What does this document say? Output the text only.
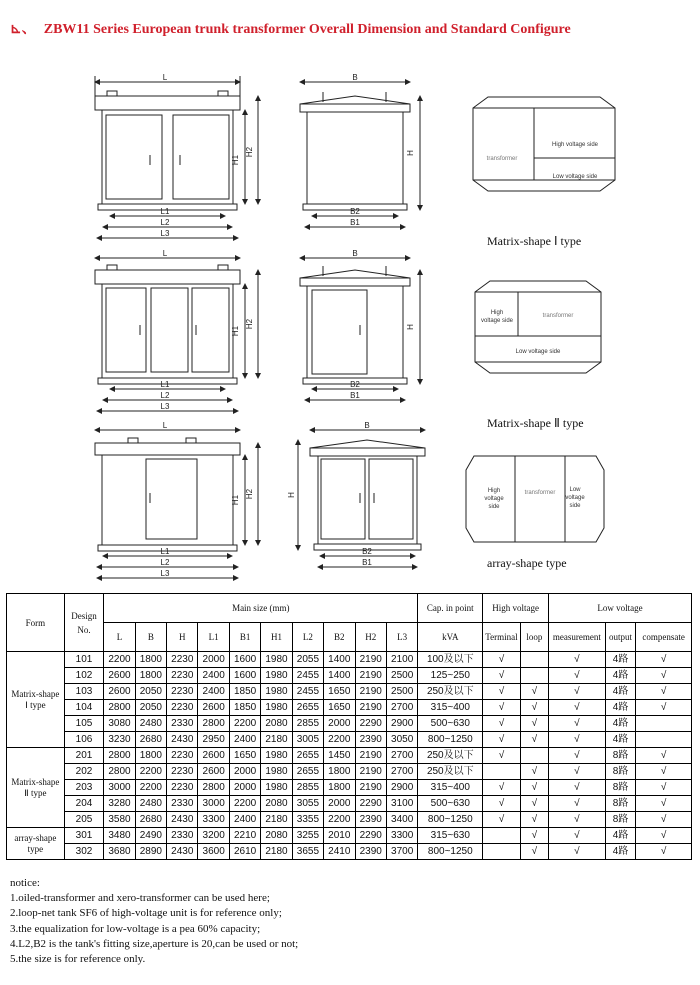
⊾、 ZBW11 Series European trunk transformer Overall Dimension and Standard Configure
L
L1
L2
L3
H1
H2
B
B2
B1
H
L
L1
L2
L3
H1
H2
B
B2
B1
H
L
L1
L2
L3
H1
H2
B
B2
B1
H
transformer
High voltage side
Low voltage side
High
voltage side
transformer
Low voltage side
High
voltage
side
transformer Low
voltage
side
Matrix-shape Ⅰ type
Matrix-shape Ⅱ type
array-shape type
Form	Design
No.	Main size (mm)										Cap. in point	High voltage		Low voltage		
		L	B	H	L1	B1	H1	L2	B2	H2	L3	kVA	Terminal	loop	measurement	output	compensate
Matrix-shape
Ⅰ type	101	2200	1800	2230	2000	1600	1980	2055	1400	2190	2100	100及以下	√		√	4路	√
	102	2600	1800	2230	2400	1600	1980	2455	1400	2190	2500	125~250	√		√	4路	√
	103	2600	2050	2230	2400	1850	1980	2455	1650	2190	2500	250及以下	√	√	√	4路	√
	104	2800	2050	2230	2600	1850	1980	2655	1650	2190	2700	315~400	√	√	√	4路	√
	105	3080	2480	2330	2800	2200	2080	2855	2000	2290	2900	500~630	√	√	√	4路	
	106	3230	2680	2430	2950	2400	2180	3005	2200	2390	3050	800~1250	√	√	√	4路	
Matrix-shape
Ⅱ type	201	2800	1800	2230	2600	1650	1980	2655	1450	2190	2700	250及以下	√		√	8路	√
	202	2800	2200	2230	2600	2000	1980	2655	1800	2190	2700	250及以下		√	√	8路	√
	203	3000	2200	2230	2800	2000	1980	2855	1800	2190	2900	315~400	√	√	√	8路	√
	204	3280	2480	2330	3000	2200	2080	3055	2000	2290	3100	500~630	√	√	√	8路	√
	205	3580	2680	2430	3300	2400	2180	3355	2200	2390	3400	800~1250	√	√	√	8路	√
array-shape
type	301	3480	2490	2330	3200	2210	2080	3255	2010	2290	3300	315~630		√	√	4路	√
	302	3680	2890	2430	3600	2610	2180	3655	2410	2390	3700	800~1250		√	√	4路	√
notice:
1.oiled-transformer and xero-transformer can be used here;
2.loop-net tank SF6 of high-voltage unit is for reference only;
3.the equalization for low-voltage is a pea 60% capacity;
4.L2,B2 is the tank's fitting size,aperture is 20,can be used or not;
5.the size is for reference only.
